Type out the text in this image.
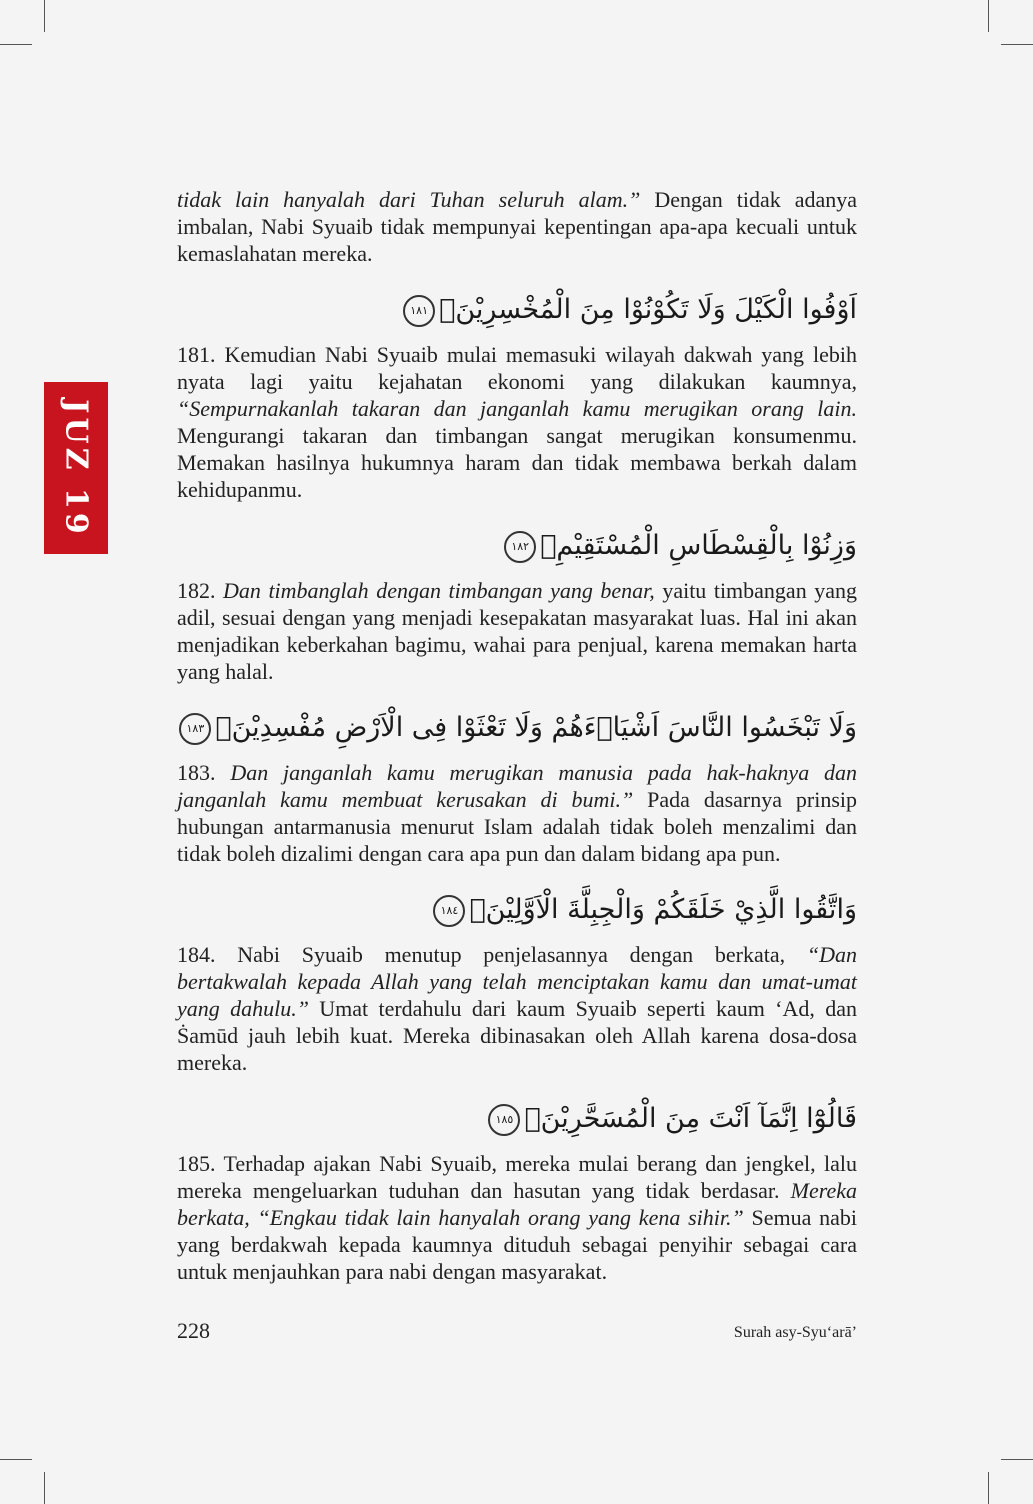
JUZ 19

tidak lain hanyalah dari Tuhan seluruh alam.” Dengan tidak adanya imbalan, Nabi Syuaib tidak mempunyai kepentingan apa-apa kecuali untuk kemaslahatan mereka.

اَوْفُوا الْكَيْلَ وَلَا تَكُوْنُوْا مِنَ الْمُخْسِرِيْنَۚ١٨١

181. Kemudian Nabi Syuaib mulai memasuki wilayah dakwah yang lebih nyata lagi yaitu kejahatan ekonomi yang dilakukan kaumnya, “Sempurnakanlah takaran dan janganlah kamu merugikan orang lain. Mengurangi takaran dan timbangan sangat merugikan konsumenmu. Memakan hasilnya hukumnya haram dan tidak membawa berkah dalam kehidupanmu.

وَزِنُوْا بِالْقِسْطَاسِ الْمُسْتَقِيْمِۚ١٨٢

182. Dan timbanglah dengan timbangan yang benar, yaitu timbangan yang adil, sesuai dengan yang menjadi kesepakatan masyarakat luas. Hal ini akan menjadikan keberkahan bagimu, wahai para penjual, karena memakan harta yang halal.

وَلَا تَبْخَسُوا النَّاسَ اَشْيَاۤءَهُمْ وَلَا تَعْثَوْا فِى الْاَرْضِ مُفْسِدِيْنَۚ١٨٣

183. Dan janganlah kamu merugikan manusia pada hak-haknya dan janganlah kamu membuat kerusakan di bumi.” Pada dasarnya prinsip hubungan antarmanusia menurut Islam adalah tidak boleh menzalimi dan tidak boleh dizalimi dengan cara apa pun dan dalam bidang apa pun.

وَاتَّقُوا الَّذِيْ خَلَقَكُمْ وَالْجِبِلَّةَ الْاَوَّلِيْنَۗ١٨٤

184. Nabi Syuaib menutup penjelasannya dengan berkata, “Dan bertakwalah kepada Allah yang telah menciptakan kamu dan umat-umat yang dahulu.” Umat terdahulu dari kaum Syuaib seperti kaum ‘Ad, dan Ṡamūd jauh lebih kuat. Mereka dibinasakan oleh Allah karena dosa-dosa mereka.

قَالُوْٓا اِنَّمَآ اَنْتَ مِنَ الْمُسَحَّرِيْنَۙ١٨٥

185. Terhadap ajakan Nabi Syuaib, mereka mulai berang dan jengkel, lalu mereka mengeluarkan tuduhan dan hasutan yang tidak berdasar. Mereka berkata, “Engkau tidak lain hanyalah orang yang kena sihir.” Semua nabi yang berdakwah kepada kaumnya dituduh sebagai penyihir sebagai cara untuk menjauhkan para nabi dengan masyarakat.

228	Surah asy-Syu‘arā’
